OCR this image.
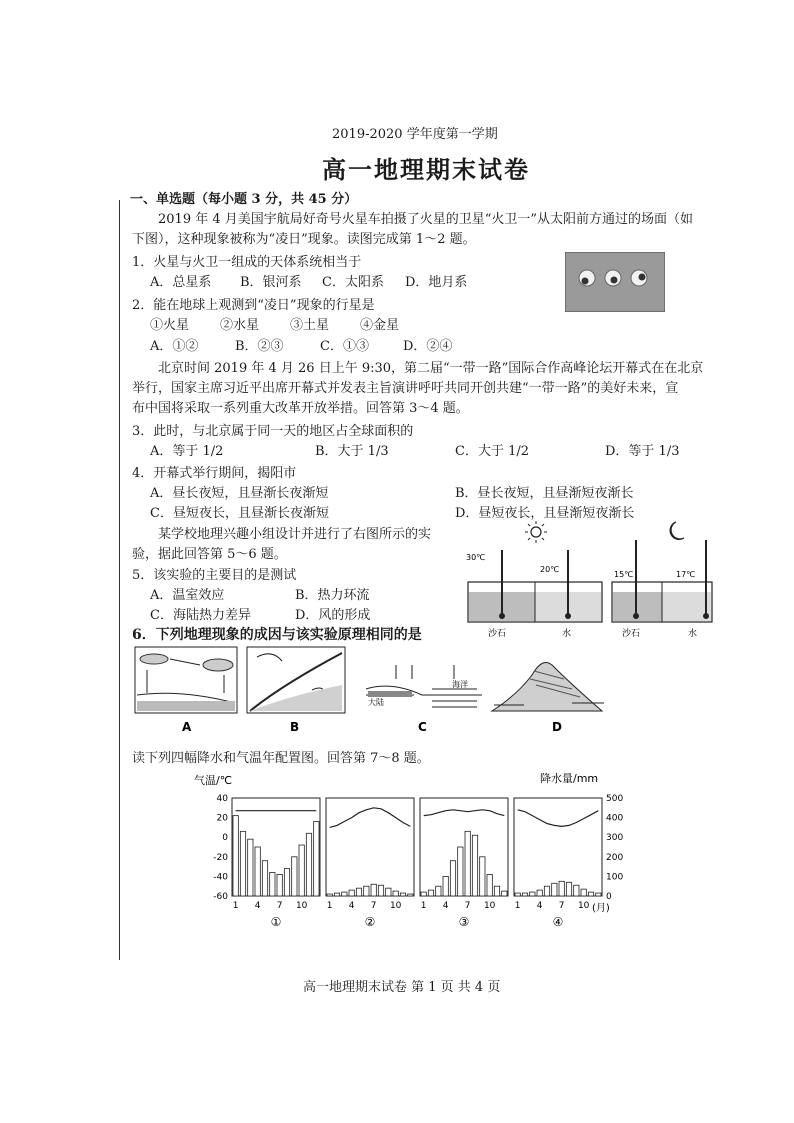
2019-2020 学年度第一学期
高一地理期末试卷
一、单选题（每小题 3 分，共 45 分）
2019 年 4 月美国宇航局好奇号火星车拍摄了火星的卫星“火卫一”从太阳前方通过的场面（如
下图），这种现象被称为“凌日”现象。读图完成第 1～2 题。
1．火星与火卫一组成的天体系统相当于
A．总星系 B．银河系 C．太阳系 D．地月系
2．能在地球上观测到“凌日”现象的行星是
①火星 ②水星 ③土星 ④金星
A．①②	B．②③	C．①③	D．②④
北京时间 2019 年 4 月 26 日上午 9:30，第二届“一带一路”国际合作高峰论坛开幕式在在北京
举行，国家主席习近平出席开幕式并发表主旨演讲呼吁共同开创共建“一带一路”的美好未来，宣
布中国将采取一系列重大改革开放举措。回答第 3～4 题。
3．此时，与北京属于同一天的地区占全球面积的
A．等于 1/2	B．大于 1/3	C．大于 1/2	D．等于 1/3
4．开幕式举行期间，揭阳市
A．昼长夜短，且昼渐长夜渐短	B．昼长夜短，且昼渐短夜渐长
C．昼短夜长，且昼渐长夜渐短	D．昼短夜长，且昼渐短夜渐长
某学校地理兴趣小组设计并进行了右图所示的实
验，据此回答第 5～6 题。
5．该实验的主要目的是测试
A．温室效应	B．热力环流
C．海陆热力差异	D．风的形成
6．下列地理现象的成因与该实验原理相同的是
30℃
20℃
15℃	17℃
沙石	水	沙石	水
海洋
大陆
A	B	C	D
读下列四幅降水和气温年配置图。回答第 7～8 题。
气温/℃	降水量/mm
(月)
40
20
0
-20
-40
-60
500
400
300
200
100
0
1 4 7 10
①
1 4 7 10
②
1 4 7 10
③
1 4 7 10
④
高一地理期末试卷 第 1 页 共 4 页
